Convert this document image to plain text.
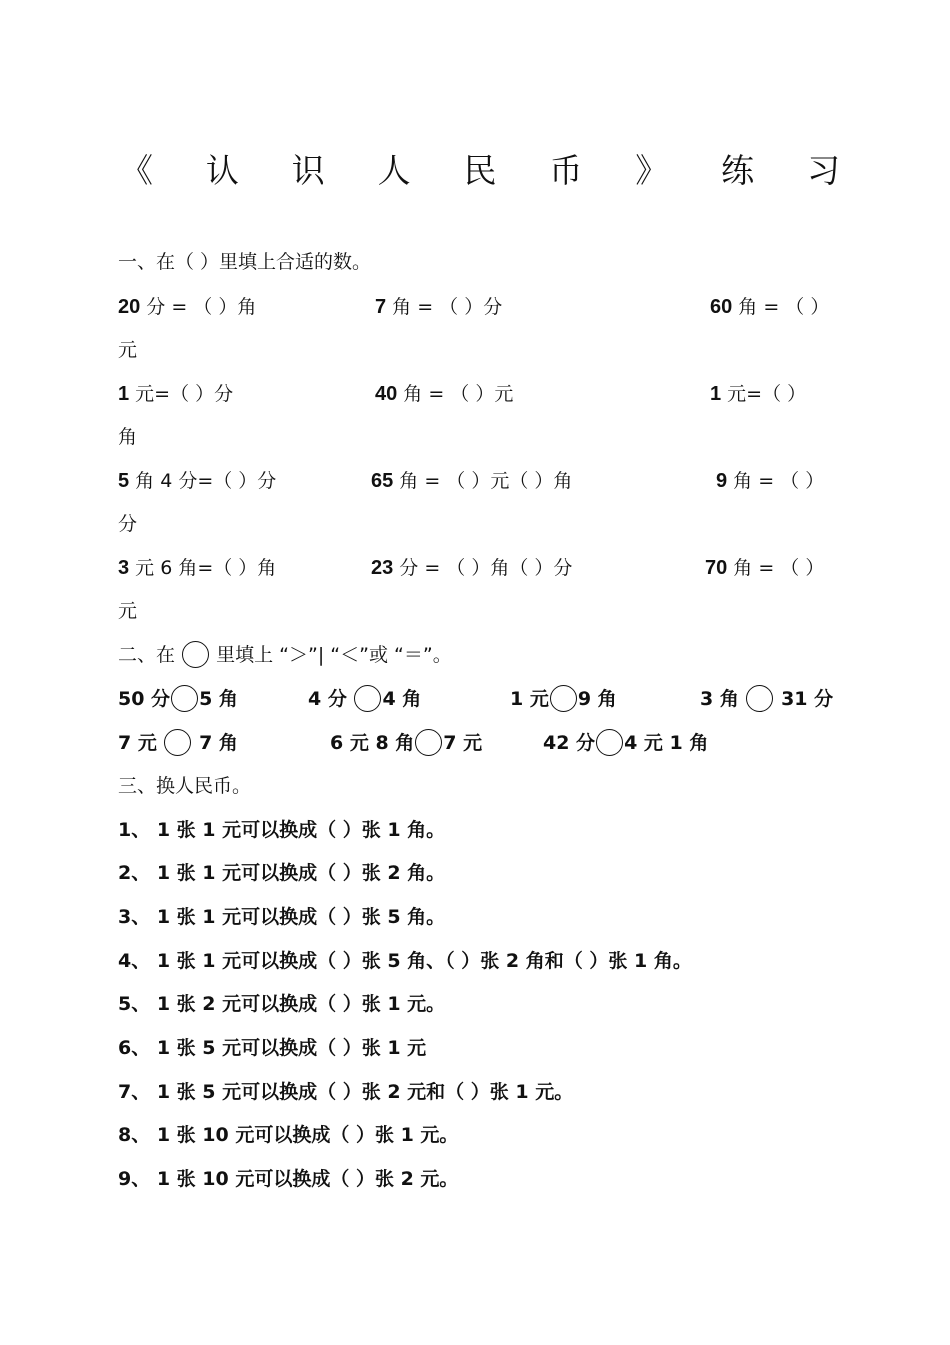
《 认 识 人 民 币 》 练 习
一、在（ ）里填上合适的数。
20 分 = （ ）角	7 角 = （ ）分	60 角 = （ ）
元
1 元=（ ）分	40 角 = （ ）元	1 元=（ ）
角
5 角 4 分=（ ）分	65 角 = （ ）元（ ）角	9 角 = （ ）
分
3 元 6 角=（ ）角	23 分 = （ ）角（ ）分	70 角 = （ ）
元
二、在 里填上 “＞”| “＜”或 “＝”。
50 分 5 角	4 分 4 角	1 元 9 角	3 角  31 分
7 元  7 角	6 元 8 角 7 元	42 分 4 元 1 角
三、换人民币。
1、 1 张 1 元可以换成（ ）张 1 角。
2、 1 张 1 元可以换成（ ）张 2 角。
3、 1 张 1 元可以换成（ ）张 5 角。
4、 1 张 1 元可以换成（ ）张 5 角、（ ）张 2 角和（ ）张 1 角。
5、 1 张 2 元可以换成（ ）张 1 元。
6、 1 张 5 元可以换成（ ）张 1 元
7、 1 张 5 元可以换成（ ）张 2 元和（ ）张 1 元。
8、 1 张 10 元可以换成（ ）张 1 元。
9、 1 张 10 元可以换成（ ）张 2 元。
